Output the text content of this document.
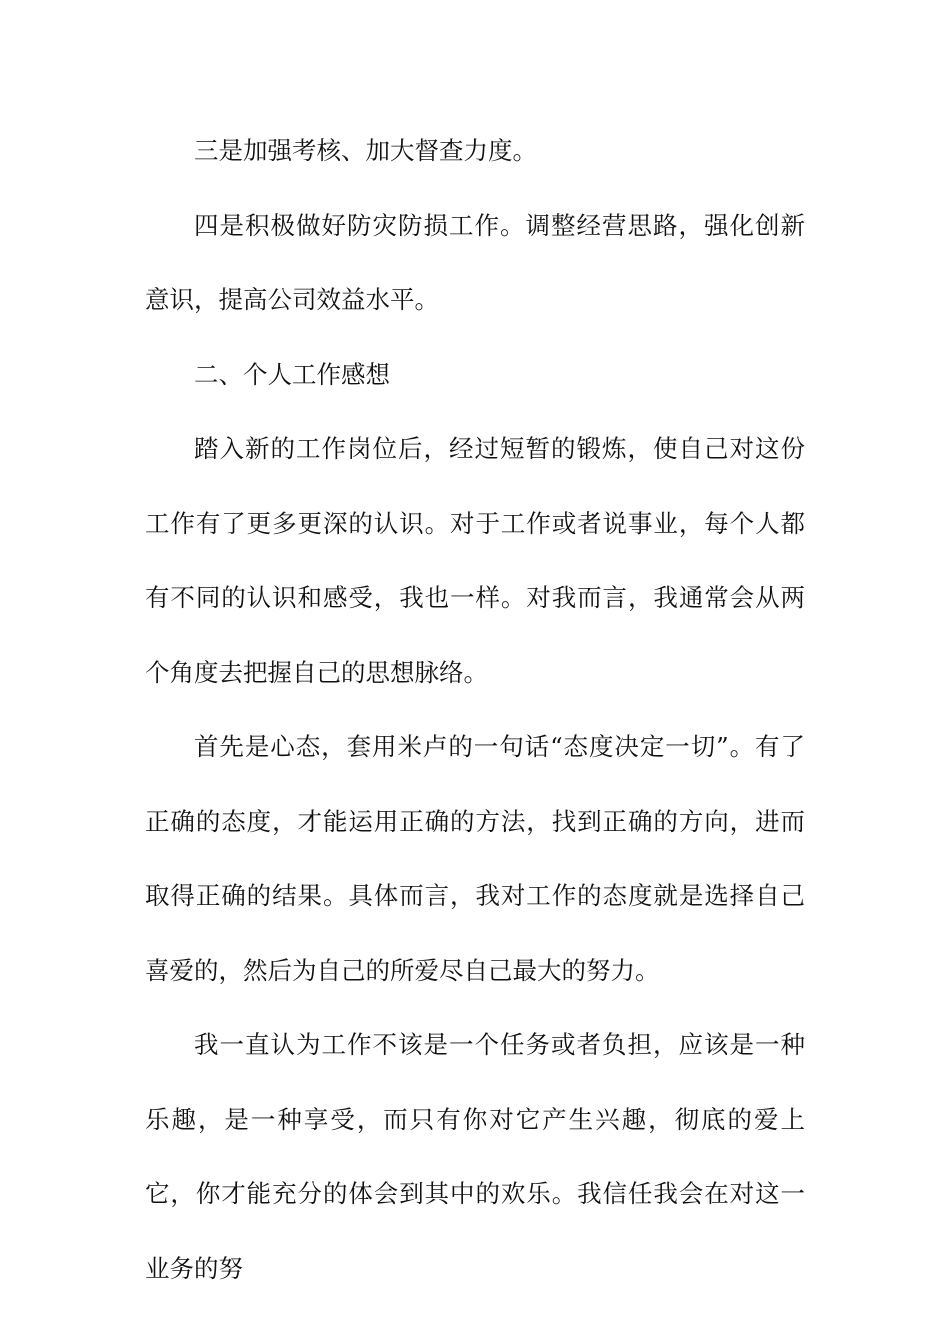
三是加强考核、加大督查力度。

四是积极做好防灾防损工作。调整经营思路，强化创新意识，提高公司效益水平。

二、个人工作感想

踏入新的工作岗位后，经过短暂的锻炼，使自己对这份工作有了更多更深的认识。对于工作或者说事业，每个人都有不同的认识和感受，我也一样。对我而言，我通常会从两个角度去把握自己的思想脉络。

首先是心态，套用米卢的一句话“态度决定一切”。有了正确的态度，才能运用正确的方法，找到正确的方向，进而取得正确的结果。具体而言，我对工作的态度就是选择自己喜爱的，然后为自己的所爱尽自己最大的努力。

我一直认为工作不该是一个任务或者负担，应该是一种乐趣，是一种享受，而只有你对它产生兴趣，彻底的爱上它，你才能充分的体会到其中的欢乐。我信任我会在对这一业务的努
